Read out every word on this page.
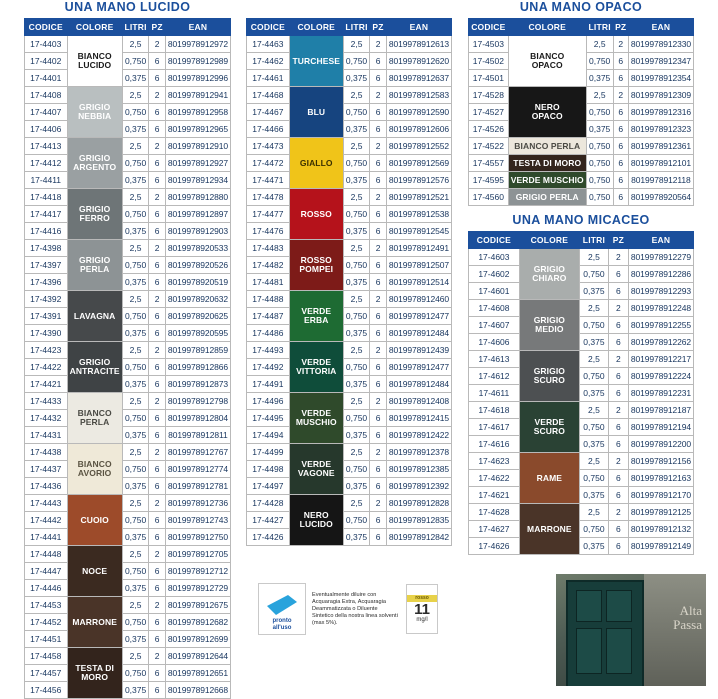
UNA MANO LUCIDO
CODICE	COLORE	LITRI	PZ	EAN
17-4403	BIANCO
LUCIDO	2,5	2	8019978912972
17-4402		0,750	6	8019978912989
17-4401		0,375	6	8019978912996
17-4408	GRIGIO
NEBBIA	2,5	2	8019978912941
17-4407		0,750	6	8019978912958
17-4406		0,375	6	8019978912965
17-4413	GRIGIO
ARGENTO	2,5	2	8019978912910
17-4412		0,750	6	8019978912927
17-4411		0,375	6	8019978912934
17-4418	GRIGIO
FERRO	2,5	2	8019978912880
17-4417		0,750	6	8019978912897
17-4416		0,375	6	8019978912903
17-4398	GRIGIO
PERLA	2,5	2	8019978920533
17-4397		0,750	6	8019978920526
17-4396		0,375	6	8019978920519
17-4392	LAVAGNA	2,5	2	8019978920632
17-4391		0,750	6	8019978920625
17-4390		0,375	6	8019978920595
17-4423	GRIGIO
ANTRACITE	2,5	2	8019978912859
17-4422		0,750	6	8019978912866
17-4421		0,375	6	8019978912873
17-4433	BIANCO
PERLA	2,5	2	8019978912798
17-4432		0,750	6	8019978912804
17-4431		0,375	6	8019978912811
17-4438	BIANCO
AVORIO	2,5	2	8019978912767
17-4437		0,750	6	8019978912774
17-4436		0,375	6	8019978912781
17-4443	CUOIO	2,5	2	8019978912736
17-4442		0,750	6	8019978912743
17-4441		0,375	6	8019978912750
17-4448	NOCE	2,5	2	8019978912705
17-4447		0,750	6	8019978912712
17-4446		0,375	6	8019978912729
17-4453	MARRONE	2,5	2	8019978912675
17-4452		0,750	6	8019978912682
17-4451		0,375	6	8019978912699
17-4458	TESTA DI
MORO	2,5	2	8019978912644
17-4457		0,750	6	8019978912651
17-4456		0,375	6	8019978912668
CODICE	COLORE	LITRI	PZ	EAN
17-4463	TURCHESE	2,5	2	8019978912613
17-4462		0,750	6	8019978912620
17-4461		0,375	6	8019978912637
17-4468	BLU	2,5	2	8019978912583
17-4467		0,750	6	8019978912590
17-4466		0,375	6	8019978912606
17-4473	GIALLO	2,5	2	8019978912552
17-4472		0,750	6	8019978912569
17-4471		0,375	6	8019978912576
17-4478	ROSSO	2,5	2	8019978912521
17-4477		0,750	6	8019978912538
17-4476		0,375	6	8019978912545
17-4483	ROSSO
POMPEI	2,5	2	8019978912491
17-4482		0,750	6	8019978912507
17-4481		0,375	6	8019978912514
17-4488	VERDE
ERBA	2,5	2	8019978912460
17-4487		0,750	6	8019978912477
17-4486		0,375	6	8019978912484
17-4493	VERDE
VITTORIA	2,5	2	8019978912439
17-4492		0,750	6	8019978912477
17-4491		0,375	6	8019978912484
17-4496	VERDE
MUSCHIO	2,5	2	8019978912408
17-4495		0,750	6	8019978912415
17-4494		0,375	6	8019978912422
17-4499	VERDE
VAGONE	2,5	2	8019978912378
17-4498		0,750	6	8019978912385
17-4497		0,375	6	8019978912392
17-4428	NERO
LUCIDO	2,5	2	8019978912828
17-4427		0,750	6	8019978912835
17-4426		0,375	6	8019978912842
UNA MANO OPACO
CODICE	COLORE	LITRI	PZ	EAN
17-4503	BIANCO
OPACO	2,5	2	8019978912330
17-4502		0,750	6	8019978912347
17-4501		0,375	6	8019978912354
17-4528	NERO
OPACO	2,5	2	8019978912309
17-4527		0,750	6	8019978912316
17-4526		0,375	6	8019978912323
17-4522	BIANCO PERLA	0,750	6	8019978912361
17-4557	TESTA DI MORO	0,750	6	8019978912101
17-4595	VERDE MUSCHIO	0,750	6	8019978912118
17-4560	GRIGIO PERLA	0,750	6	8019978920564
UNA MANO MICACEO
CODICE	COLORE	LITRI	PZ	EAN
17-4603	GRIGIO
CHIARO	2,5	2	8019978912279
17-4602		0,750	6	8019978912286
17-4601		0,375	6	8019978912293
17-4608	GRIGIO
MEDIO	2,5	2	8019978912248
17-4607		0,750	6	8019978912255
17-4606		0,375	6	8019978912262
17-4613	GRIGIO
SCURO	2,5	2	8019978912217
17-4612		0,750	6	8019978912224
17-4611		0,375	6	8019978912231
17-4618	VERDE
SCURO	2,5	2	8019978912187
17-4617		0,750	6	8019978912194
17-4616		0,375	6	8019978912200
17-4623	RAME	2,5	2	8019978912156
17-4622		0,750	6	8019978912163
17-4621		0,375	6	8019978912170
17-4628	MARRONE	2,5	2	8019978912125
17-4627		0,750	6	8019978912132
17-4626		0,375	6	8019978912149
pronto
all'uso
Eventualmente diluire con Acquaragia Extra, Acquaragia Deammatizzata o Diluente Sintetico della nostra linea solventi (max 5%).
rosso
11
mg/l
Alta
Passa
